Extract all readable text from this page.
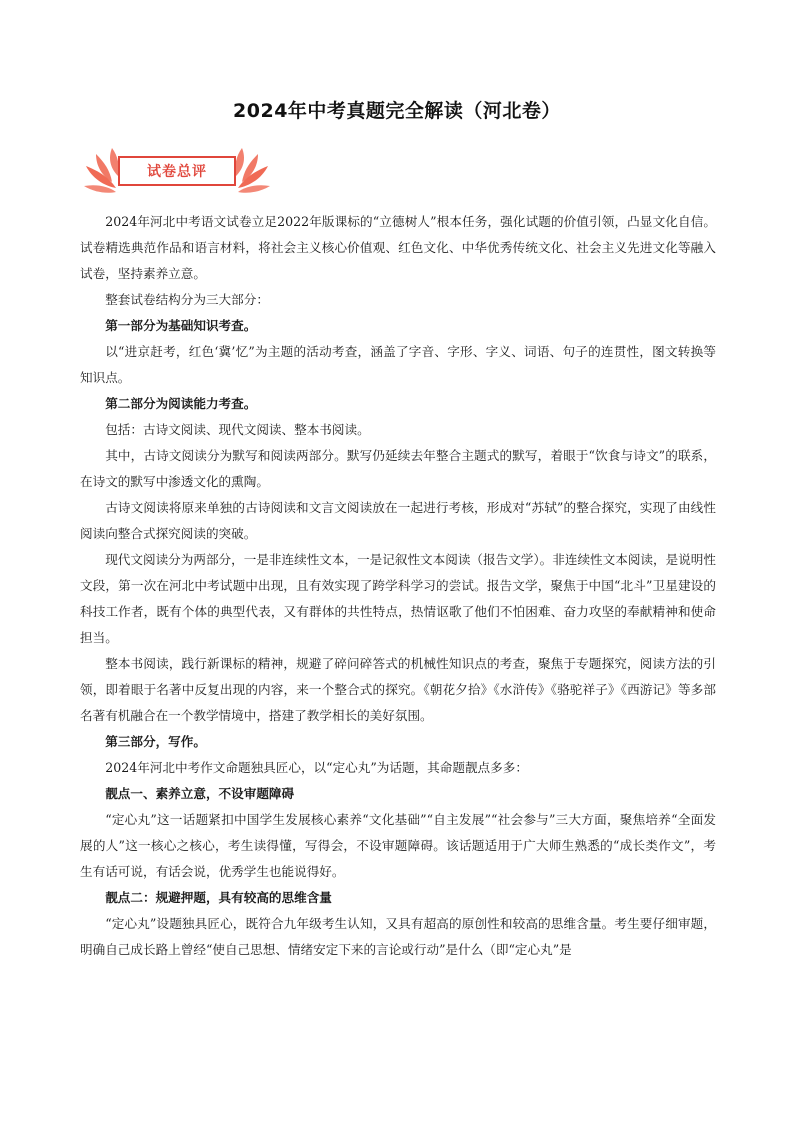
2024年中考真题完全解读（河北卷）
试卷总评

2024年河北中考语文试卷立足2022年版课标的“立德树人”根本任务，强化试题的价值引领，凸显文化自信。试卷精选典范作品和语言材料，将社会主义核心价值观、红色文化、中华优秀传统文化、社会主义先进文化等融入试卷，坚持素养立意。

整套试卷结构分为三大部分：

第一部分为基础知识考查。

以“进京赶考，红色‘冀’忆”为主题的活动考查，涵盖了字音、字形、字义、词语、句子的连贯性，图文转换等知识点。

第二部分为阅读能力考查。

包括：古诗文阅读、现代文阅读、整本书阅读。

其中，古诗文阅读分为默写和阅读两部分。默写仍延续去年整合主题式的默写，着眼于“饮食与诗文”的联系，在诗文的默写中渗透文化的熏陶。

古诗文阅读将原来单独的古诗阅读和文言文阅读放在一起进行考核，形成对“苏轼”的整合探究，实现了由线性阅读向整合式探究阅读的突破。

现代文阅读分为两部分，一是非连续性文本，一是记叙性文本阅读（报告文学）。非连续性文本阅读，是说明性文段，第一次在河北中考试题中出现，且有效实现了跨学科学习的尝试。报告文学，聚焦于中国“北斗”卫星建设的科技工作者，既有个体的典型代表，又有群体的共性特点，热情讴歌了他们不怕困难、奋力攻坚的奉献精神和使命担当。

整本书阅读，践行新课标的精神，规避了碎问碎答式的机械性知识点的考查，聚焦于专题探究，阅读方法的引领，即着眼于名著中反复出现的内容，来一个整合式的探究。《朝花夕拾》《水浒传》《骆驼祥子》《西游记》等多部名著有机融合在一个教学情境中，搭建了教学相长的美好氛围。

第三部分，写作。

2024年河北中考作文命题独具匠心，以“定心丸”为话题，其命题靓点多多：

靓点一、素养立意，不设审题障碍

“定心丸”这一话题紧扣中国学生发展核心素养“文化基础”“自主发展”“社会参与”三大方面，聚焦培养“全面发展的人”这一核心之核心，考生读得懂，写得会，不设审题障碍。该话题适用于广大师生熟悉的“成长类作文”，考生有话可说，有话会说，优秀学生也能说得好。

靓点二：规避押题，具有较高的思维含量

“定心丸”设题独具匠心，既符合九年级考生认知，又具有超高的原创性和较高的思维含量。考生要仔细审题，明确自己成长路上曾经“使自己思想、情绪安定下来的言论或行动”是什么（即“定心丸”是
